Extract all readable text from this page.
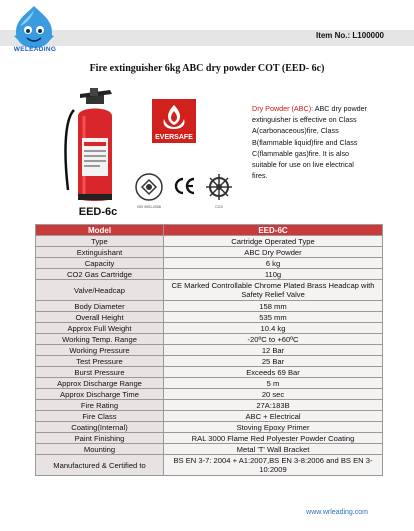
WELEADING
Item No.: L100000
Fire extinguisher 6kg ABC dry powder COT (EED- 6c)
EED-6c
EVERSAFE
ISO 9001:2008	CCS
Dry Powder (ABC): ABC dry powder extinguisher is effective on Class A(carbonaceous)fire, Class B(flammable liquid)fire and Class C(flammable gas)fire. It is also suitable for use on live electrical fires.
Model	EED-6C
Type	Cartridge Operated Type
Extinguishant	ABC Dry Powder
Capacity	6 kg
CO2 Gas Cartridge	110g
Valve/Headcap	CE Marked Controllable Chrome Plated Brass Headcap with Safety Relief Valve
Body Diameter	158 mm
Overall Height	535 mm
Approx Full Weight	10.4 kg
Working Temp. Range	-20ºC to +60ºC
Working Pressure	12 Bar
Test Pressure	25 Bar
Burst Pressure	Exceeds 69 Bar
Approx Discharge Range	5 m
Approx Discharge Time	20 sec
Fire Rating	27A:183B
Fire Class	ABC + Electrical
Coating(Internal)	Stoving Epoxy Primer
Paint Finishing	RAL 3000 Flame Red Polyester Powder Coating
Mounting	Metal 'T' Wall Bracket
Manufactured & Certified to	BS EN 3-7: 2004 + A1:2007,BS EN 3-8:2006 and BS EN 3-10:2009
www.wrleading.com
